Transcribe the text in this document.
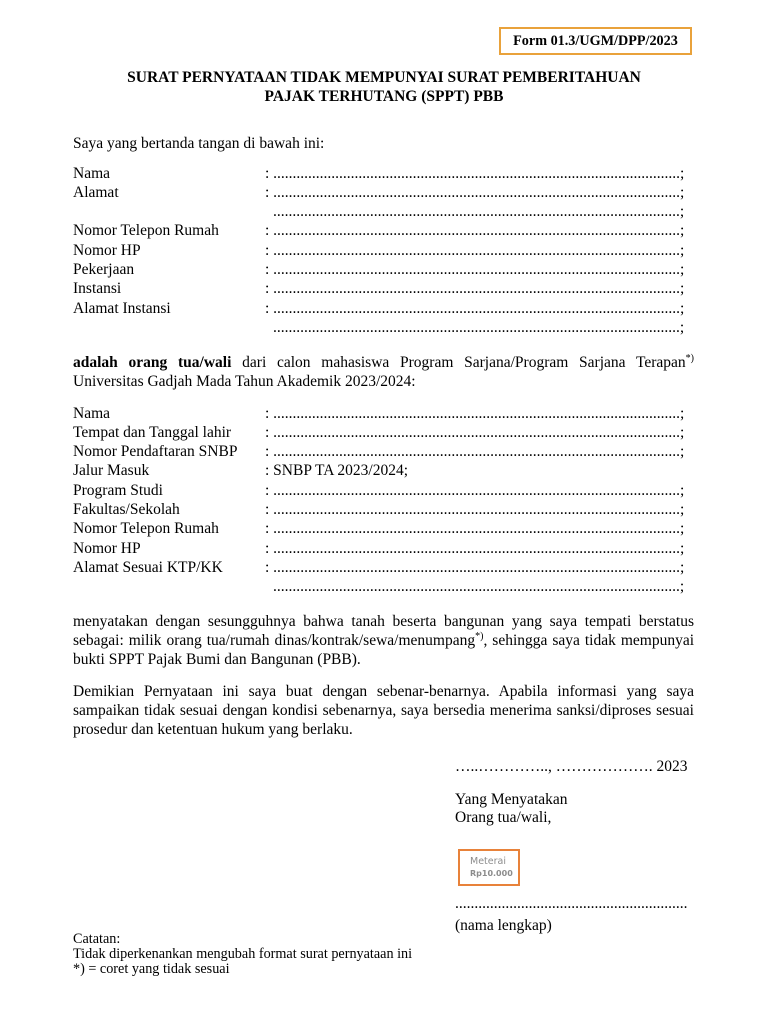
Form 01.3/UGM/DPP/2023
SURAT PERNYATAAN TIDAK MEMPUNYAI SURAT PEMBERITAHUAN
PAJAK TERHUTANG (SPPT) PBB
Saya yang bertanda tangan di bawah ini:
Nama	: .........................................................................................................;
Alamat	: .........................................................................................................;
.........................................................................................................;
Nomor Telepon Rumah	: .........................................................................................................;
Nomor HP	: .........................................................................................................;
Pekerjaan	: .........................................................................................................;
Instansi	: .........................................................................................................;
Alamat Instansi	: .........................................................................................................;
.........................................................................................................;
adalah orang tua/wali dari calon mahasiswa Program Sarjana/Program Sarjana Terapan*)
Universitas Gadjah Mada Tahun Akademik 2023/2024:
Nama	: .........................................................................................................;
Tempat dan Tanggal lahir : .........................................................................................................;
Nomor Pendaftaran SNBP : .........................................................................................................;
Jalur Masuk	: SNBP TA 2023/2024;
Program Studi	: .........................................................................................................;
Fakultas/Sekolah	: .........................................................................................................;
Nomor Telepon Rumah	: .........................................................................................................;
Nomor HP	: .........................................................................................................;
Alamat Sesuai KTP/KK	: .........................................................................................................;
.........................................................................................................;
menyatakan dengan sesungguhnya bahwa tanah beserta bangunan yang saya tempati berstatus
sebagai: milik orang tua/rumah dinas/kontrak/sewa/menumpang*), sehingga saya tidak mempunyai
bukti SPPT Pajak Bumi dan Bangunan (PBB).
Demikian Pernyataan ini saya buat dengan sebenar-benarnya. Apabila informasi yang saya
sampaikan tidak sesuai dengan kondisi sebenarnya, saya bersedia menerima sanksi/diproses sesuai
prosedur dan ketentuan hukum yang berlaku.
…..………….., ………………. 2023
Yang Menyatakan
Orang tua/wali,
Meterai
Rp10.000
............................................................
(nama lengkap)
Catatan:
Tidak diperkenankan mengubah format surat pernyataan ini
*) = coret yang tidak sesuai
